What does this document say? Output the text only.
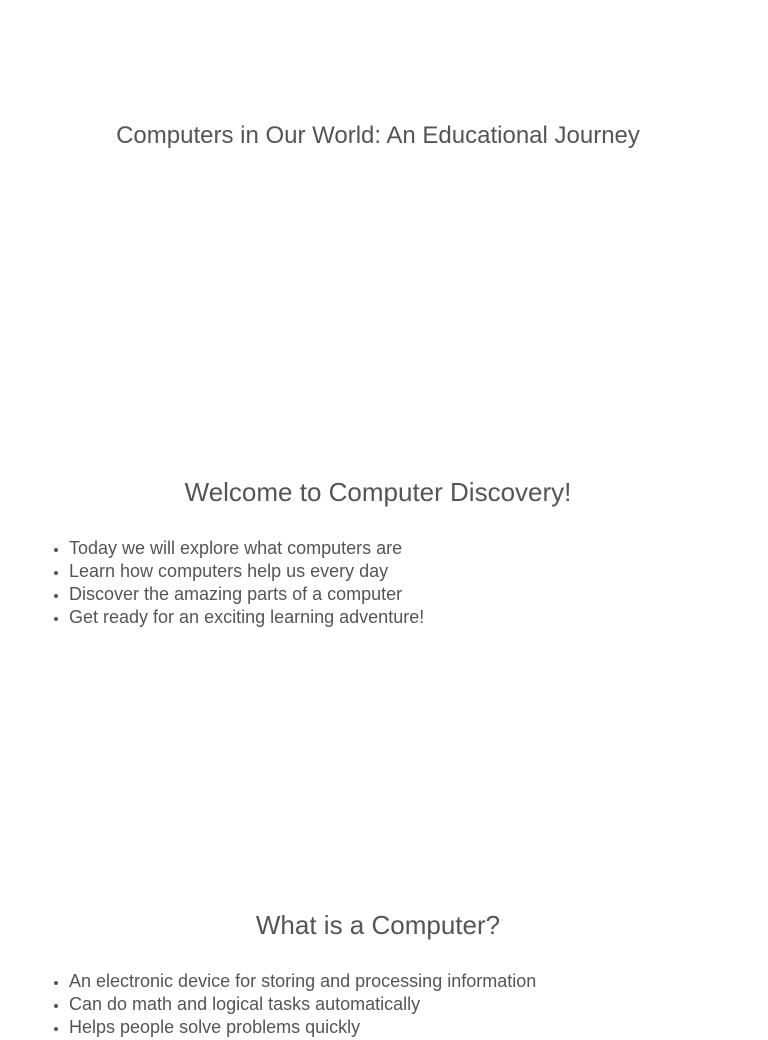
Computers in Our World: An Educational Journey
Welcome to Computer Discovery!
• Today we will explore what computers are
• Learn how computers help us every day
• Discover the amazing parts of a computer
• Get ready for an exciting learning adventure!
What is a Computer?
• An electronic device for storing and processing information
• Can do math and logical tasks automatically
• Helps people solve problems quickly
